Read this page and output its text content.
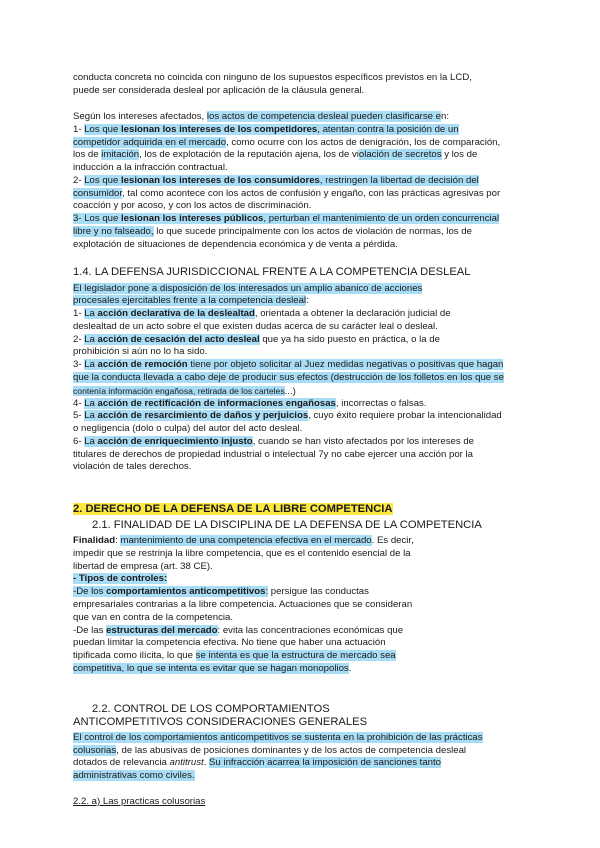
conducta concreta no coincida con ninguno de los supuestos específicos previstos en la LCD,
puede ser considerada desleal por aplicación de la cláusula general.
Según los intereses afectados, los actos de competencia desleal pueden clasificarse en:
1- Los que lesionan los intereses de los competidores, atentan contra la posición de un
competidor adquirida en el mercado, como ocurre con los actos de denigración, los de comparación,
los de imitación, los de explotación de la reputación ajena, los de violación de secretos y los de
inducción a la infracción contractual.
2- Los que lesionan los intereses de los consumidores, restringen la libertad de decisión del
consumidor, tal como acontece con los actos de confusión y engaño, con las prácticas agresivas por
coacción y por acoso, y con los actos de discriminación.
3- Los que lesionan los intereses públicos, perturban el mantenimiento de un orden concurrencial
libre y no falseado, lo que sucede principalmente con los actos de violación de normas, los de
explotación de situaciones de dependencia económica y de venta a pérdida.
1.4. LA DEFENSA JURISDICCIONAL FRENTE A LA COMPETENCIA DESLEAL
El legislador pone a disposición de los interesados un amplio abanico de acciones
procesales ejercitables frente a la competencia desleal:
1- La acción declarativa de la deslealtad, orientada a obtener la declaración judicial de
deslealtad de un acto sobre el que existen dudas acerca de su carácter leal o desleal.
2- La acción de cesación del acto desleal que ya ha sido puesto en práctica, o la de
prohibición si aún no lo ha sido.
3- La acción de remoción tiene por objeto solicitar al Juez medidas negativas o positivas que hagan
que la conducta llevada a cabo deje de producir sus efectos (destrucción de los folletos en los que se
contenía información engañosa, retirada de los carteles...)
4- La acción de rectificación de informaciones engañosas, incorrectas o falsas.
5- La acción de resarcimiento de daños y perjuicios, cuyo éxito requiere probar la intencionalidad
o negligencia (dolo o culpa) del autor del acto desleal.
6- La acción de enriquecimiento injusto, cuando se han visto afectados por los intereses de
titulares de derechos de propiedad industrial o intelectual 7y no cabe ejercer una acción por la
violación de tales derechos.
2. DERECHO DE LA DEFENSA DE LA LIBRE COMPETENCIA
2.1. FINALIDAD DE LA DISCIPLINA DE LA DEFENSA DE LA COMPETENCIA
Finalidad: mantenimiento de una competencia efectiva en el mercado. Es decir,
impedir que se restrinja la libre competencia, que es el contenido esencial de la
libertad de empresa (art. 38 CE).
- Tipos de controles:
-De los comportamientos anticompetitivos: persigue las conductas
empresariales contrarias a la libre competencia. Actuaciones que se consideran
que van en contra de la competencia.
-De las estructuras del mercado: evita las concentraciones económicas que
puedan limitar la competencia efectiva. No tiene que haber una actuación
tipificada como ilícita, lo que se intenta es que la estructura de mercado sea
competitiva, lo que se intenta es evitar que se hagan monopolios.
2.2. CONTROL DE LOS COMPORTAMIENTOS
ANTICOMPETITIVOS CONSIDERACIONES GENERALES
El control de los comportamientos anticompetitivos se sustenta en la prohibición de las prácticas
colusorias, de las abusivas de posiciones dominantes y de los actos de competencia desleal
dotados de relevancia antitrust. Su infracción acarrea la imposición de sanciones tanto
administrativas como civiles.
2.2. a) Las practicas colusorias
